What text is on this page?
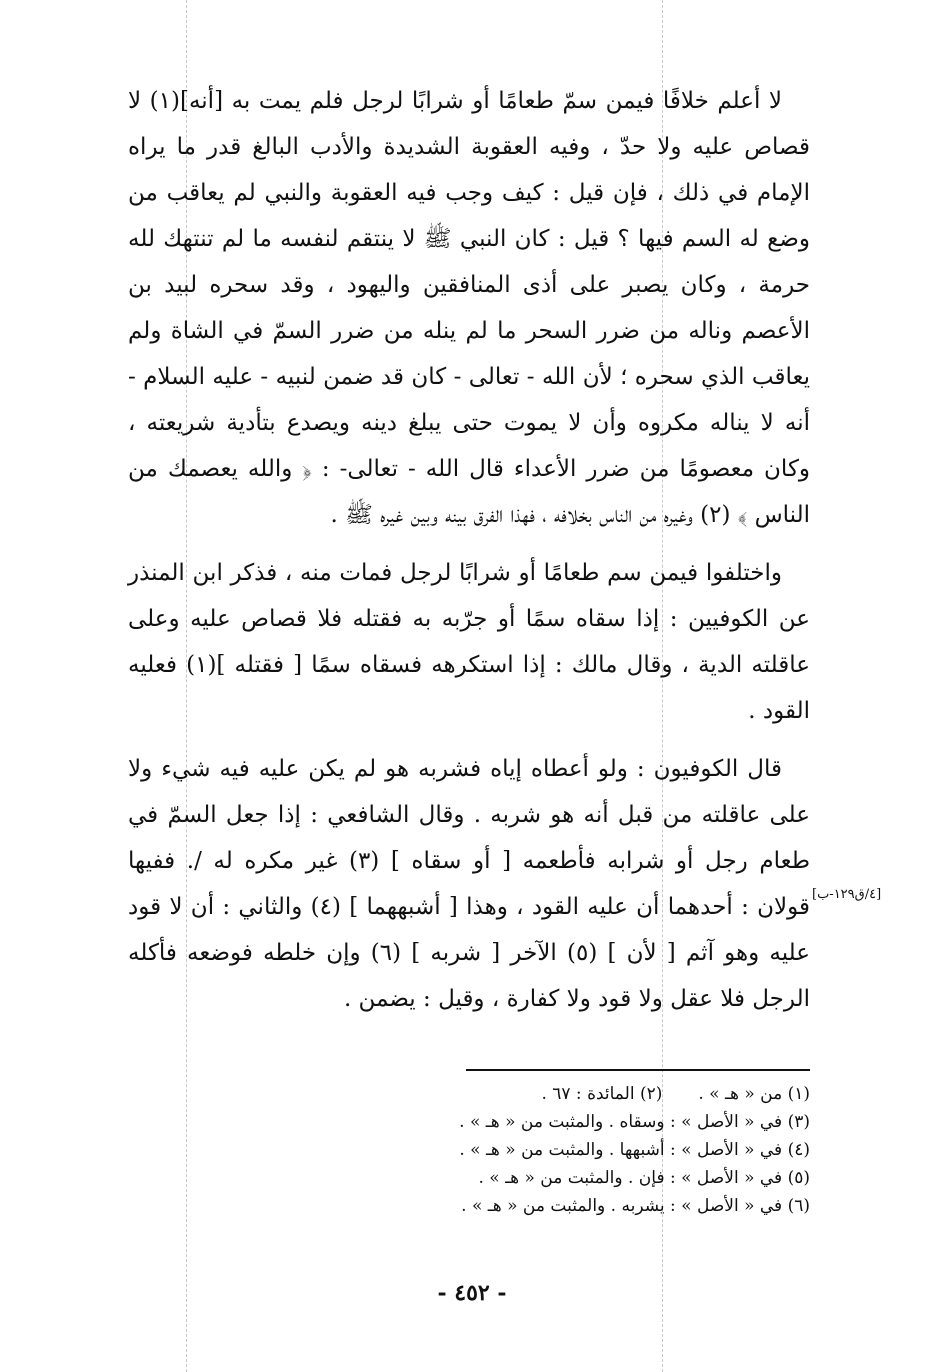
لا أعلم خلافًا فيمن سمّ طعامًا أو شرابًا لرجل فلم يمت به [أنه](١) لا قصاص عليه ولا حدّ ، وفيه العقوبة الشديدة والأدب البالغ قدر ما يراه الإمام في ذلك ، فإن قيل : كيف وجب فيه العقوبة والنبي لم يعاقب من وضع له السم فيها ؟ قيل : كان النبي ﷺ لا ينتقم لنفسه ما لم تنتهك لله حرمة ، وكان يصبر على أذى المنافقين واليهود ، وقد سحره لبيد بن الأعصم وناله من ضرر السحر ما لم ينله من ضرر السمّ في الشاة ولم يعاقب الذي سحره ؛ لأن الله - تعالى - كان قد ضمن لنبيه - عليه السلام - أنه لا يناله مكروه وأن لا يموت حتى يبلغ دينه ويصدع بتأدية شريعته ، وكان معصومًا من ضرر الأعداء قال الله - تعالى- : ﴿ والله يعصمك من الناس ﴾ (٢) وغيره من الناس بخلافه ، فهذا الفرق بينه وبين غيره ﷺ .

واختلفوا فيمن سم طعامًا أو شرابًا لرجل فمات منه ، فذكر ابن المنذر عن الكوفيين : إذا سقاه سمًا أو جرّبه به فقتله فلا قصاص عليه وعلى عاقلته الدية ، وقال مالك : إذا استكرهه فسقاه سمًا [ فقتله ](١) فعليه القود .

قال الكوفيون : ولو أعطاه إياه فشربه هو لم يكن عليه فيه شيء ولا على عاقلته من قبل أنه هو شربه . وقال الشافعي : إذا جعل السمّ في طعام رجل أو شرابه فأطعمه [ أو سقاه ] (٣) غير مكره له /. ففيها قولان : أحدهما أن عليه القود ، وهذا [ أشبههما ] (٤) والثاني : أن لا قود عليه وهو آثم [ لأن ] (٥) الآخر [ شربه ] (٦) وإن خلطه فوضعه فأكله الرجل فلا عقل ولا قود ولا كفارة ، وقيل : يضمن .

[٤/ق١٢٩-ب]
(١) من « هـ » .(٢) المائدة : ٦٧ .
(٣) في « الأصل » : وسقاه . والمثبت من « هـ » .
(٤) في « الأصل » : أشبهها . والمثبت من « هـ » .
(٥) في « الأصل » : فإن . والمثبت من « هـ » .
(٦) في « الأصل » : يشربه . والمثبت من « هـ » .
- ٤٥٢ -
